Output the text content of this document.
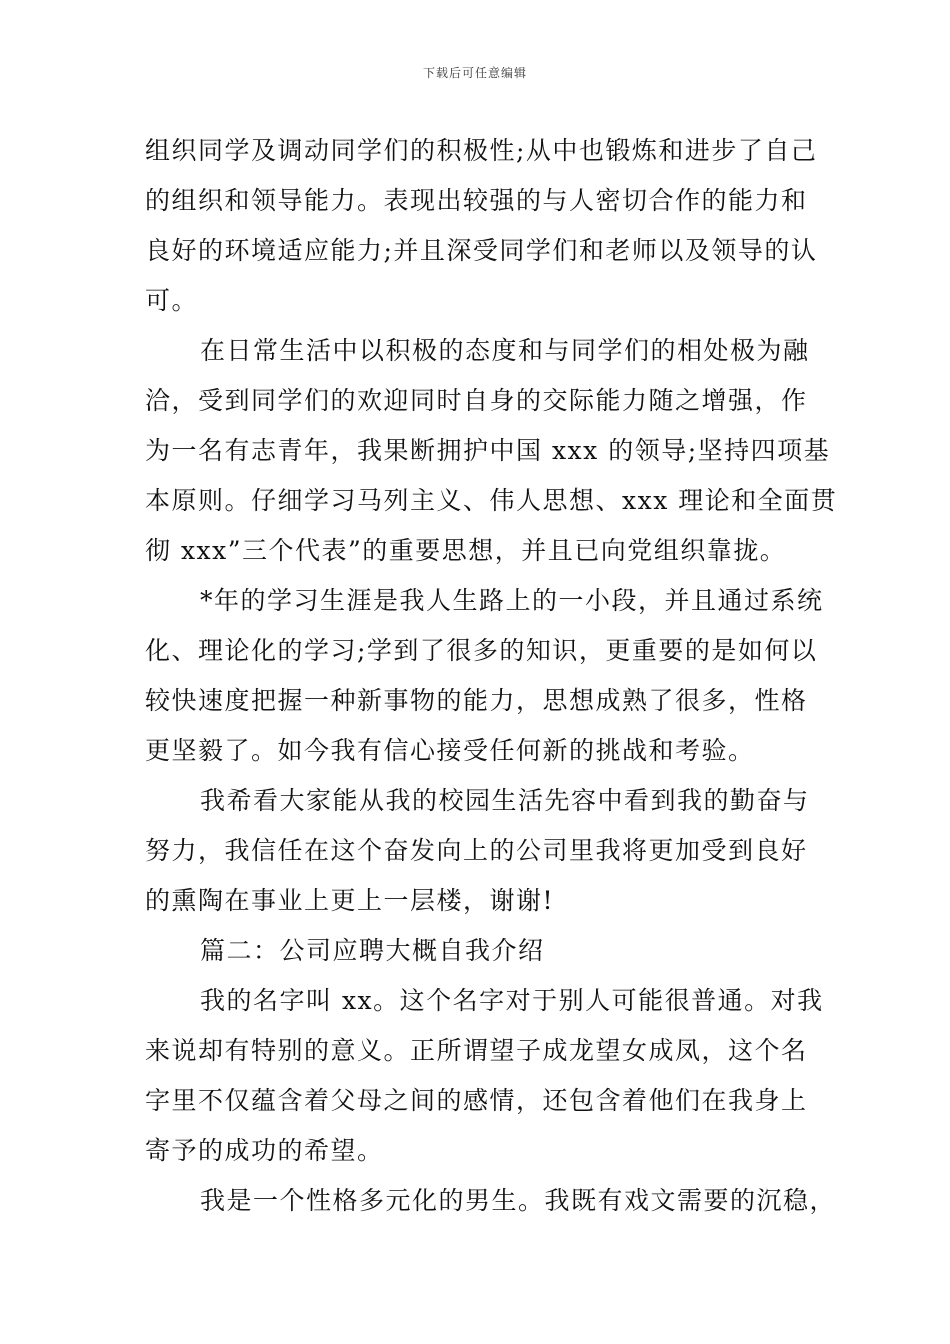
下载后可任意编辑

组织同学及调动同学们的积极性;从中也锻炼和进步了自己
的组织和领导能力。表现出较强的与人密切合作的能力和
良好的环境适应能力;并且深受同学们和老师以及领导的认
可。

在日常生活中以积极的态度和与同学们的相处极为融
洽，受到同学们的欢迎同时自身的交际能力随之增强，作
为一名有志青年，我果断拥护中国 xxx 的领导;坚持四项基
本原则。仔细学习马列主义、伟人思想、xxx 理论和全面贯
彻 xxx”三个代表”的重要思想，并且已向党组织靠拢。

*年的学习生涯是我人生路上的一小段，并且通过系统
化、理论化的学习;学到了很多的知识，更重要的是如何以
较快速度把握一种新事物的能力，思想成熟了很多，性格
更坚毅了。如今我有信心接受任何新的挑战和考验。

我希看大家能从我的校园生活先容中看到我的勤奋与
努力，我信任在这个奋发向上的公司里我将更加受到良好
的熏陶在事业上更上一层楼，谢谢!

篇二：公司应聘大概自我介绍

我的名字叫 xx。这个名字对于别人可能很普通。对我
来说却有特别的意义。正所谓望子成龙望女成凤，这个名
字里不仅蕴含着父母之间的感情，还包含着他们在我身上
寄予的成功的希望。

我是一个性格多元化的男生。我既有戏文需要的沉稳，
